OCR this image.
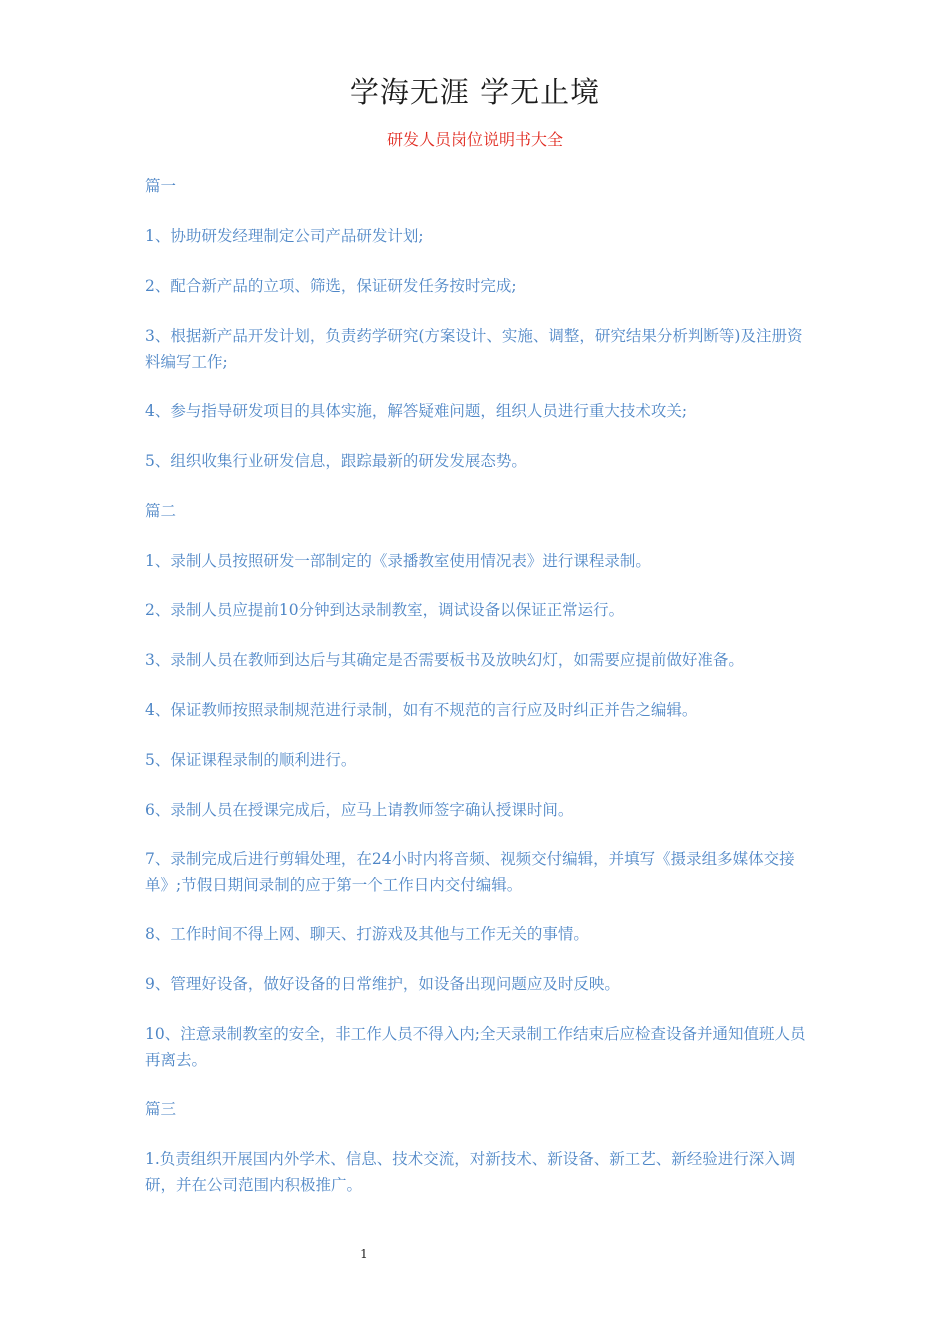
学海无涯 学无止境
研发人员岗位说明书大全
篇一
1、协助研发经理制定公司产品研发计划;
2、配合新产品的立项、筛选，保证研发任务按时完成;
3、根据新产品开发计划，负责药学研究(方案设计、实施、调整，研究结果分析判断等)及注册资料编写工作;
4、参与指导研发项目的具体实施，解答疑难问题，组织人员进行重大技术攻关;
5、组织收集行业研发信息，跟踪最新的研发发展态势。
篇二
1、录制人员按照研发一部制定的《录播教室使用情况表》进行课程录制。
2、录制人员应提前10分钟到达录制教室，调试设备以保证正常运行。
3、录制人员在教师到达后与其确定是否需要板书及放映幻灯，如需要应提前做好准备。
4、保证教师按照录制规范进行录制，如有不规范的言行应及时纠正并告之编辑。
5、保证课程录制的顺利进行。
6、录制人员在授课完成后，应马上请教师签字确认授课时间。
7、录制完成后进行剪辑处理，在24小时内将音频、视频交付编辑，并填写《摄录组多媒体交接单》;节假日期间录制的应于第一个工作日内交付编辑。
8、工作时间不得上网、聊天、打游戏及其他与工作无关的事情。
9、管理好设备，做好设备的日常维护，如设备出现问题应及时反映。
10、注意录制教室的安全，非工作人员不得入内;全天录制工作结束后应检查设备并通知值班人员再离去。
篇三
1.负责组织开展国内外学术、信息、技术交流，对新技术、新设备、新工艺、新经验进行深入调研，并在公司范围内积极推广。
1
